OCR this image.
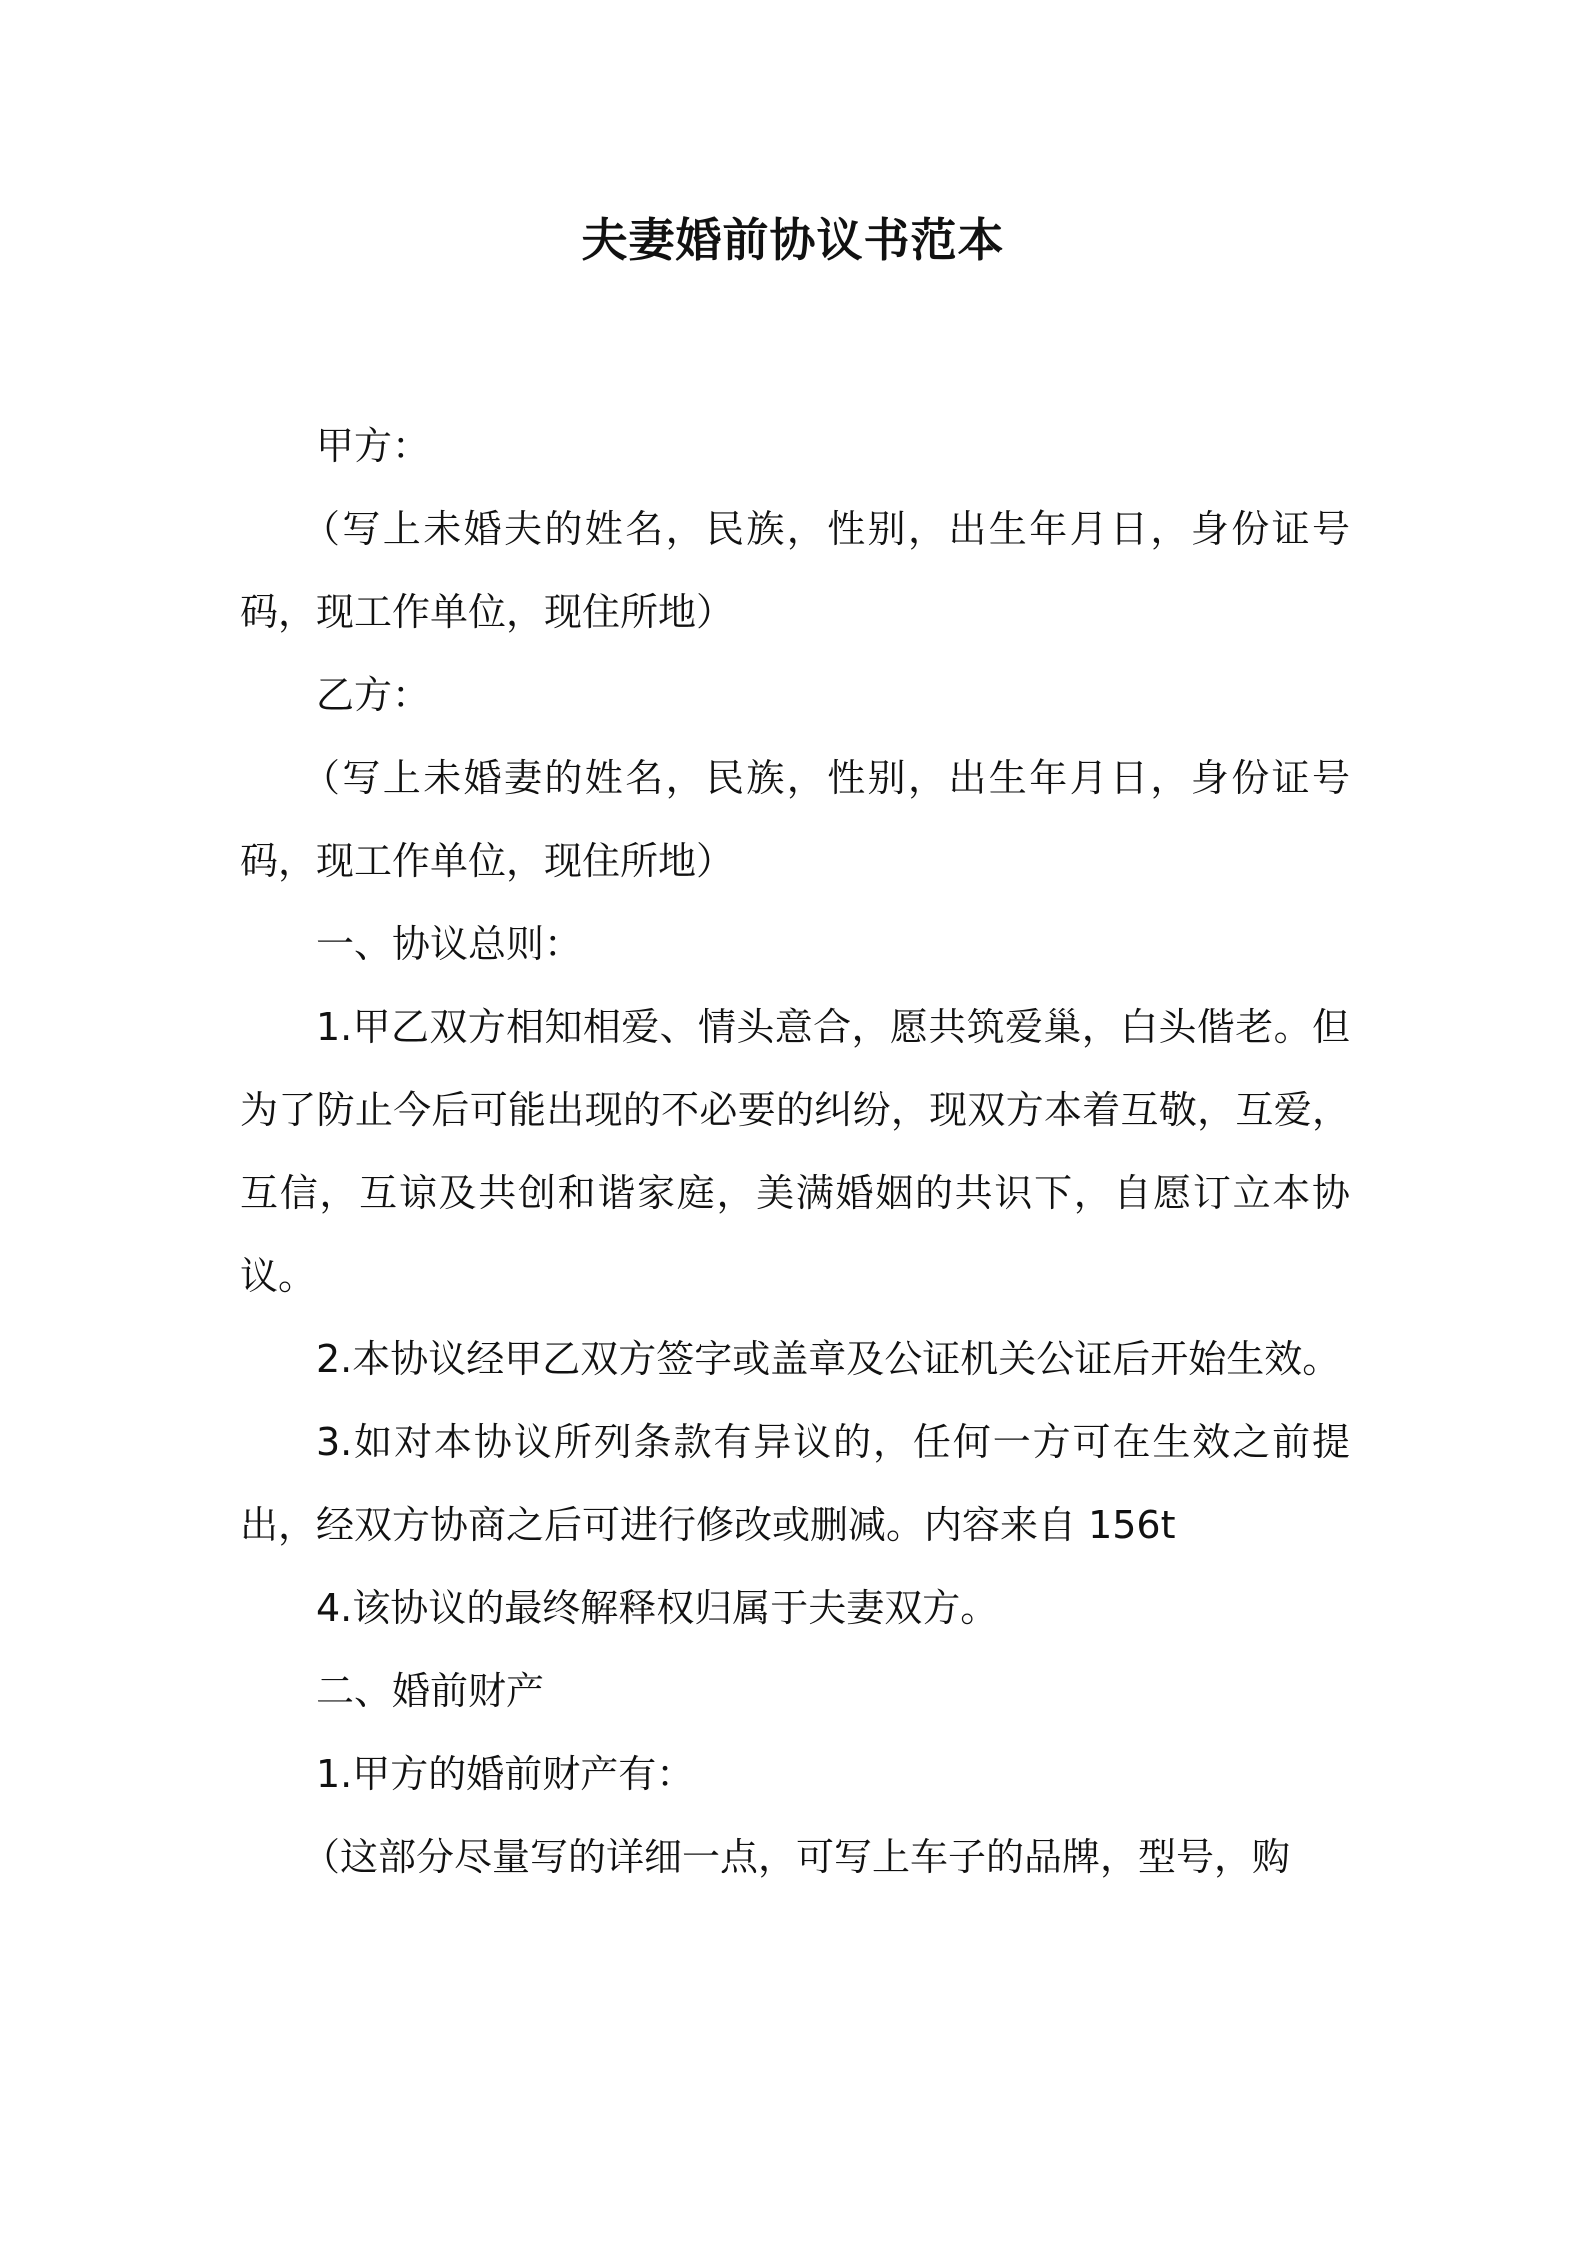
夫妻婚前协议书范本

甲方：

（写上未婚夫的姓名，民族，性别，出生年月日，身份证号码，现工作单位，现住所地）

乙方：

（写上未婚妻的姓名，民族，性别，出生年月日，身份证号码，现工作单位，现住所地）

一、协议总则：

1.甲乙双方相知相爱、情头意合，愿共筑爱巢，白头偕老。但为了防止今后可能出现的不必要的纠纷，现双方本着互敬，互爱，互信，互谅及共创和谐家庭，美满婚姻的共识下，自愿订立本协议。

2.本协议经甲乙双方签字或盖章及公证机关公证后开始生效。

3.如对本协议所列条款有异议的，任何一方可在生效之前提出，经双方协商之后可进行修改或删减。内容来自 156t

4.该协议的最终解释权归属于夫妻双方。

二、婚前财产

1.甲方的婚前财产有：

（这部分尽量写的详细一点，可写上车子的品牌，型号，购
